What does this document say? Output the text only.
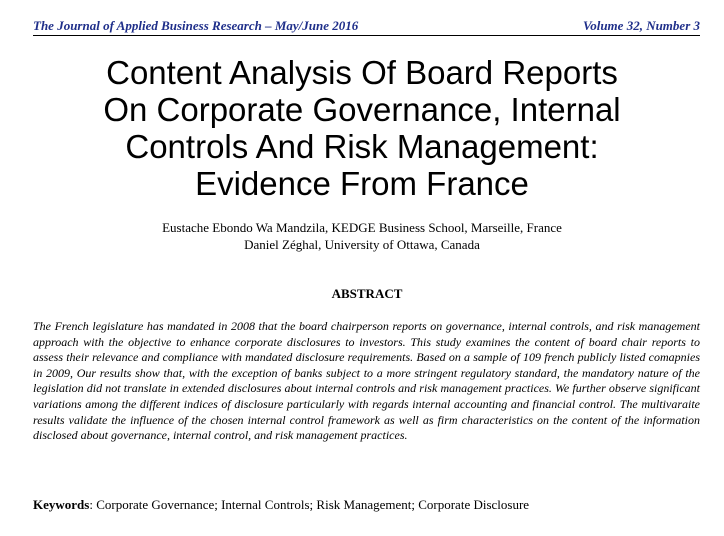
The Journal of Applied Business Research – May/June 2016	Volume 32, Number 3
Content Analysis Of Board Reports
On Corporate Governance, Internal
Controls And Risk Management:
Evidence From France
Eustache Ebondo Wa Mandzila, KEDGE Business School, Marseille, France
Daniel Zéghal, University of Ottawa, Canada
ABSTRACT
The French legislature has mandated in 2008 that the board chairperson reports on governance, internal controls, and risk management approach with the objective to enhance corporate disclosures to investors. This study examines the content of board chair reports to assess their relevance and compliance with mandated disclosure requirements. Based on a sample of 109 french publicly listed comapnies in 2009, Our results show that, with the exception of banks subject to a more stringent regulatory standard, the mandatory nature of the legislation did not translate in extended disclosures about internal controls and risk management practices. We further observe significant variations among the different indices of disclosure particularly with regards internal accounting and financial control. The multivaraite results validate the influence of the chosen internal control framework as well as firm characteristics on the content of the information disclosed about governance, internal control, and risk management practices.
Keywords: Corporate Governance; Internal Controls; Risk Management; Corporate Disclosure
